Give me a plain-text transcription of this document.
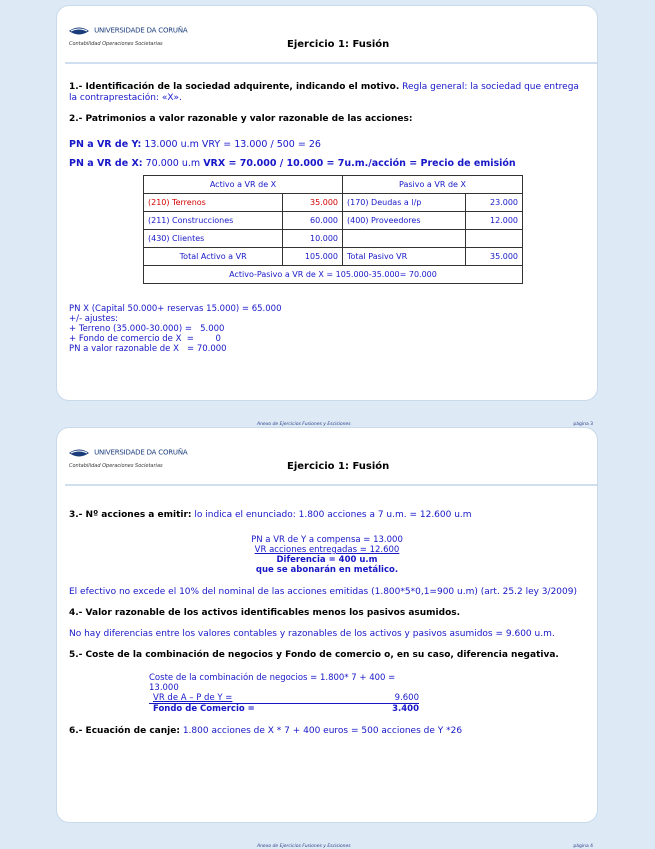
UNIVERSIDADE DA CORUÑA
Contabilidad Operaciones Societarias	Ejercicio 1: Fusión

1.- Identificación de la sociedad adquirente, indicando el motivo. Regla general: la sociedad que entrega la contraprestación: «X».

2.- Patrimonios a valor razonable y valor razonable de las acciones:

PN a VR de Y: 13.000 u.m VRY = 13.000 / 500 = 26

PN a VR de X: 70.000 u.m VRX = 70.000 / 10.000 = 7u.m./acción = Precio de emisión

Activo a VR de X		Pasivo a VR de X	
(210) Terrenos	35.000	(170) Deudas a l/p	23.000
(211) Construcciones	60.000	(400) Proveedores	12.000
(430) Clientes	10.000		
Total Activo a VR	105.000	Total Pasivo VR	35.000
Activo-Pasivo a VR de X = 105.000-35.000= 70.000			
PN X (Capital 50.000+ reservas 15.000) = 65.000
+/- ajustes:
+ Terreno (35.000-30.000) =   5.000
+ Fondo de comercio de X  =        0
PN a valor razonable de X   = 70.000
Anexo de Ejercicios Fusiones y Escisiones	página 3
UNIVERSIDADE DA CORUÑA
Contabilidad Operaciones Societarias	Ejercicio 1: Fusión

3.- Nº acciones a emitir: lo indica el enunciado: 1.800 acciones a 7 u.m. = 12.600 u.m

PN a VR de Y a compensa = 13.000
VR acciones entregadas = 12.600
Diferencia = 400 u.m
que se abonarán en metálico.

El efectivo no excede el 10% del nominal de las acciones emitidas (1.800*5*0,1=900 u.m) (art. 25.2 ley 3/2009)

4.- Valor razonable de los activos identificables menos los pasivos asumidos.

No hay diferencias entre los valores contables y razonables de los activos y pasivos asumidos = 9.600 u.m.

5.- Coste de la combinación de negocios y Fondo de comercio o, en su caso, diferencia negativa.

Coste de la combinación de negocios = 1.800* 7 + 400 = 13.000
VR de A – P de Y =	9.600
Fondo de Comercio =	3.400

6.- Ecuación de canje: 1.800 acciones de X * 7 + 400 euros = 500 acciones de Y *26

Anexo de Ejercicios Fusiones y Escisiones	página 4
